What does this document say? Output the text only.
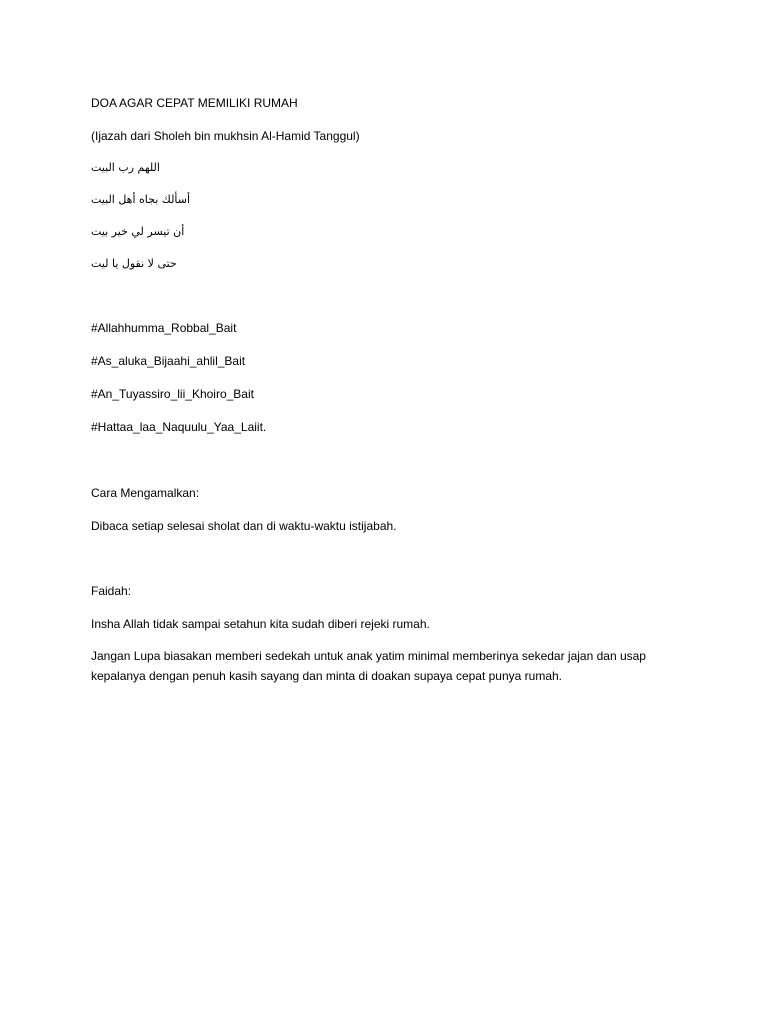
DOA AGAR CEPAT MEMILIKI RUMAH
(Ijazah dari Sholeh bin mukhsin Al-Hamid Tanggul)
اللهم رب البيت
أسألك بجاه أهل البيت
أن تيسر لي خير بيت
حتى لا نقول يا ليت
#Allahhumma_Robbal_Bait
#As_aluka_Bijaahi_ahlil_Bait
#An_Tuyassiro_lii_Khoiro_Bait
#Hattaa_laa_Naquulu_Yaa_Laiit.
Cara Mengamalkan:
Dibaca setiap selesai sholat dan di waktu-waktu istijabah.
Faidah:
Insha Allah tidak sampai setahun kita sudah diberi rejeki rumah.
Jangan Lupa biasakan memberi sedekah untuk anak yatim minimal memberinya sekedar jajan dan usap kepalanya dengan penuh kasih sayang dan minta di doakan supaya cepat punya rumah.
